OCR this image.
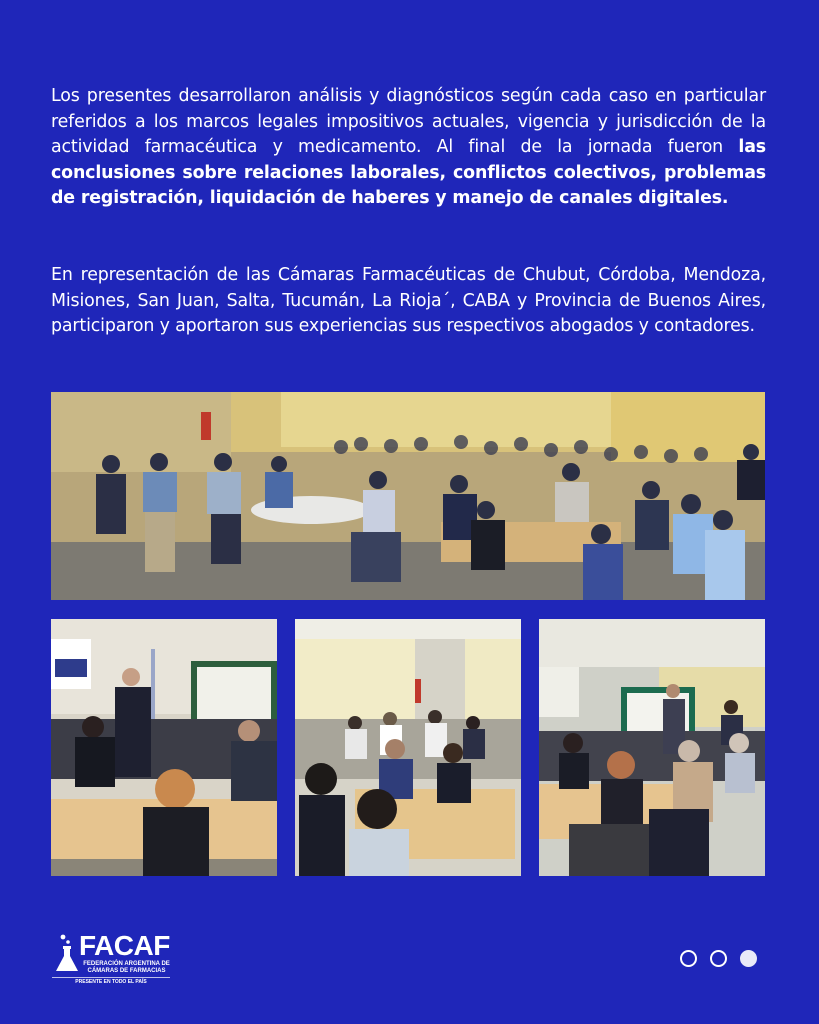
Los presentes desarrollaron análisis y diagnósticos según cada caso en particular referidos a los marcos legales impositivos actuales, vigencia y jurisdicción de la actividad farmacéutica y medicamento. Al final de la jornada fueron las conclusiones sobre relaciones laborales, conflictos colectivos, problemas de registración, liquidación de haberes y manejo de canales digitales.

En representación de las Cámaras Farmacéuticas de Chubut, Córdoba, Mendoza, Misiones, San Juan, Salta, Tucumán, La Rioja´, CABA y Provincia de Buenos Aires, participaron y aportaron sus experiencias sus respectivos abogados y contadores.

FACAF
FEDERACIÓN ARGENTINA DE CÁMARAS DE FARMACIAS
PRESENTE EN TODO EL PAÍS
